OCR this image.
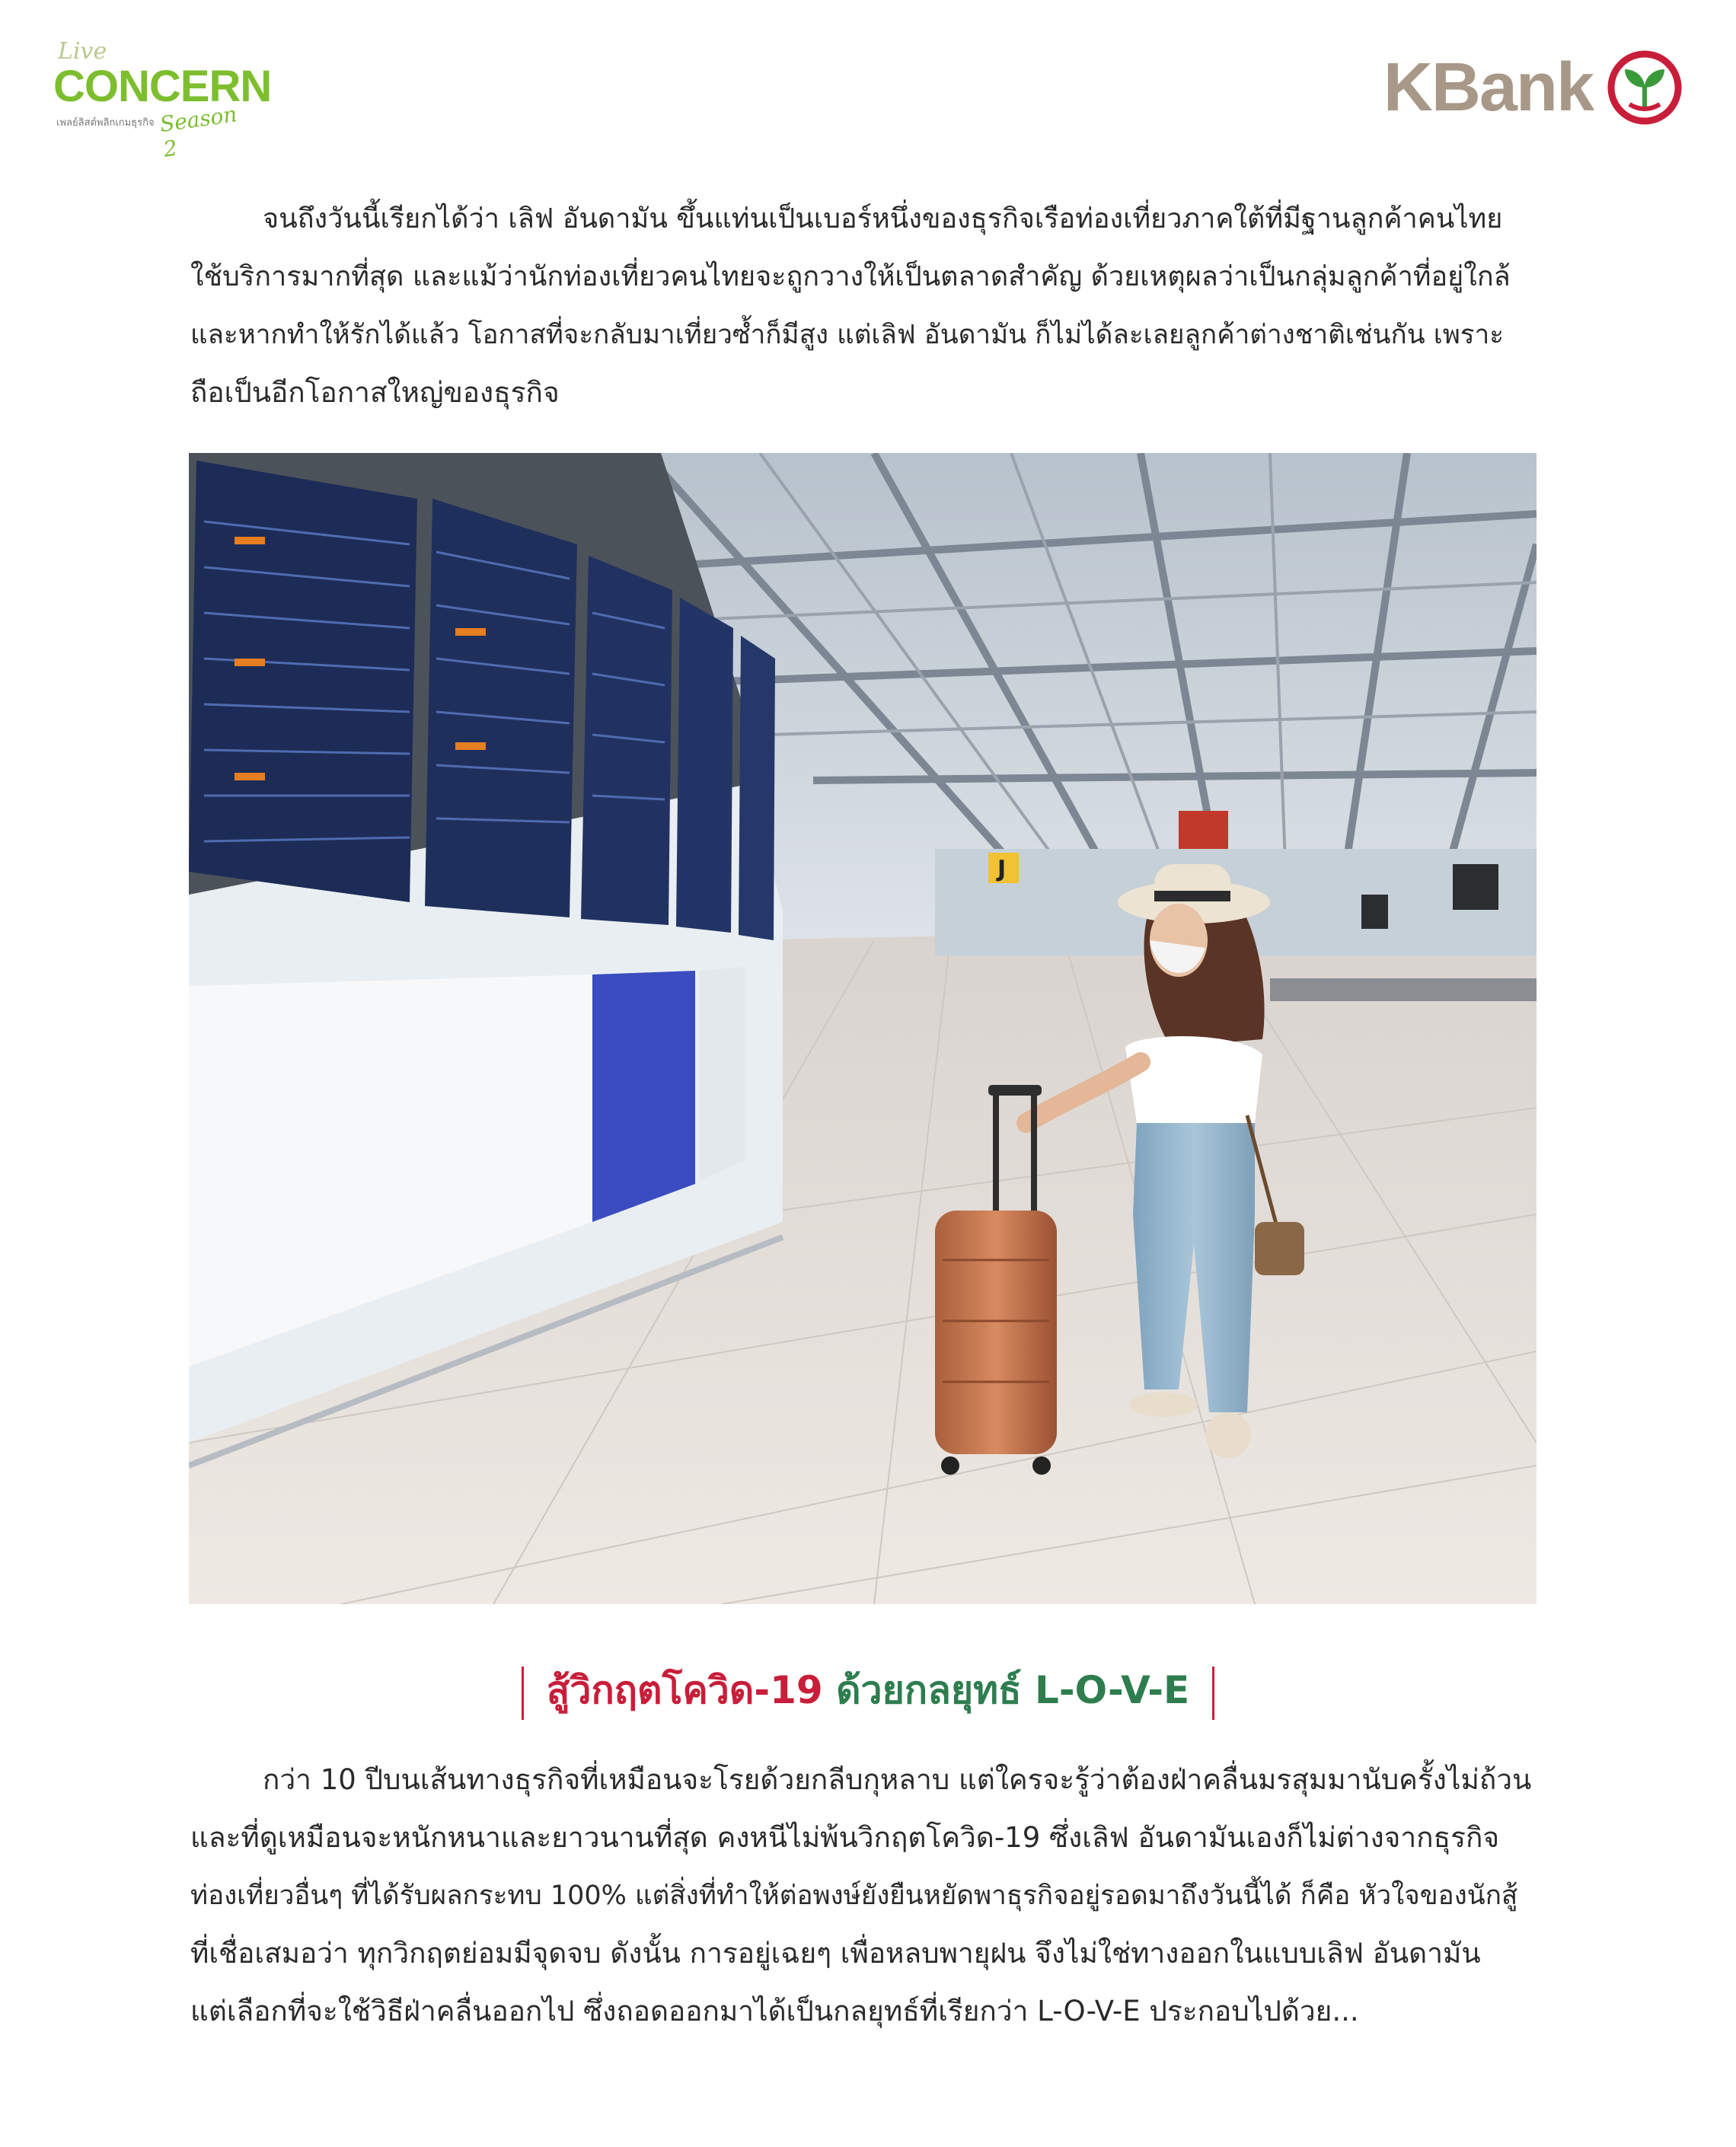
Live
CONCERN
เพลย์ลิสต์พลิกเกมธุรกิจ Season 2
KBank
จนถึงวันนี้เรียกได้ว่า เลิฟ อันดามัน ขึ้นแท่นเป็นเบอร์หนึ่งของธุรกิจเรือท่องเที่ยวภาคใต้ที่มีฐานลูกค้าคนไทย
ใช้บริการมากที่สุด และแม้ว่านักท่องเที่ยวคนไทยจะถูกวางให้เป็นตลาดสำคัญ ด้วยเหตุผลว่าเป็นกลุ่มลูกค้าที่อยู่ใกล้
และหากทำให้รักได้แล้ว โอกาสที่จะกลับมาเที่ยวซ้ำก็มีสูง แต่เลิฟ อันดามัน ก็ไม่ได้ละเลยลูกค้าต่างชาติเช่นกัน เพราะ
ถือเป็นอีกโอกาสใหญ่ของธุรกิจ
J
สู้วิกฤตโควิด-19 ด้วยกลยุทธ์ L-O-V-E
กว่า 10 ปีบนเส้นทางธุรกิจที่เหมือนจะโรยด้วยกลีบกุหลาบ แต่ใครจะรู้ว่าต้องฝ่าคลื่นมรสุมมานับครั้งไม่ถ้วน
และที่ดูเหมือนจะหนักหนาและยาวนานที่สุด คงหนีไม่พ้นวิกฤตโควิด-19 ซึ่งเลิฟ อันดามันเองก็ไม่ต่างจากธุรกิจ
ท่องเที่ยวอื่นๆ ที่ได้รับผลกระทบ 100% แต่สิ่งที่ทำให้ต่อพงษ์ยังยืนหยัดพาธุรกิจอยู่รอดมาถึงวันนี้ได้ ก็คือ หัวใจของนักสู้
ที่เชื่อเสมอว่า ทุกวิกฤตย่อมมีจุดจบ ดังนั้น การอยู่เฉยๆ เพื่อหลบพายุฝน จึงไม่ใช่ทางออกในแบบเลิฟ อันดามัน
แต่เลือกที่จะใช้วิธีฝ่าคลื่นออกไป ซึ่งถอดออกมาได้เป็นกลยุทธ์ที่เรียกว่า L-O-V-E ประกอบไปด้วย...
